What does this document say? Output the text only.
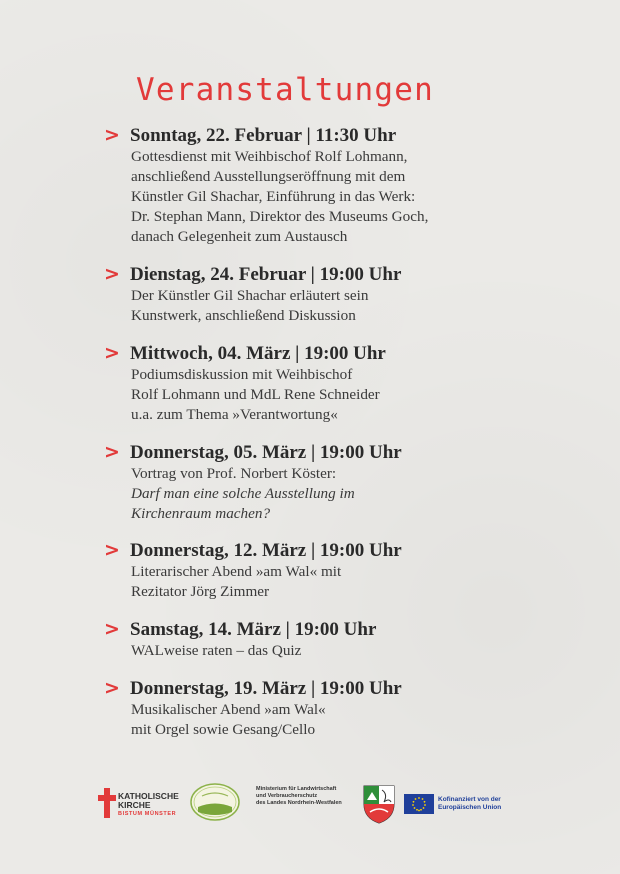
Veranstaltungen
> Sonntag, 22. Februar | 11:30 Uhr
Gottesdienst mit Weihbischof Rolf Lohmann,
anschließend Ausstellungseröffnung mit dem
Künstler Gil Shachar, Einführung in das Werk:
Dr. Stephan Mann, Direktor des Museums Goch,
danach Gelegenheit zum Austausch
> Dienstag, 24. Februar | 19:00 Uhr
Der Künstler Gil Shachar erläutert sein
Kunstwerk, anschließend Diskussion
> Mittwoch, 04. März | 19:00 Uhr
Podiumsdiskussion mit Weihbischof
Rolf Lohmann und MdL Rene Schneider
u.a. zum Thema »Verantwortung«
> Donnerstag, 05. März | 19:00 Uhr
Vortrag von Prof. Norbert Köster:
Darf man eine solche Ausstellung im
Kirchenraum machen?
> Donnerstag, 12. März | 19:00 Uhr
Literarischer Abend »am Wal« mit
Rezitator Jörg Zimmer
> Samstag, 14. März | 19:00 Uhr
WALweise raten – das Quiz
> Donnerstag, 19. März | 19:00 Uhr
Musikalischer Abend »am Wal«
mit Orgel sowie Gesang/Cello
KATHOLISCHE
KIRCHE
BISTUM MÜNSTER
Ministerium für Landwirtschaft
und Verbraucherschutz
des Landes Nordrhein-Westfalen	Kofinanziert von der
Europäischen Union
